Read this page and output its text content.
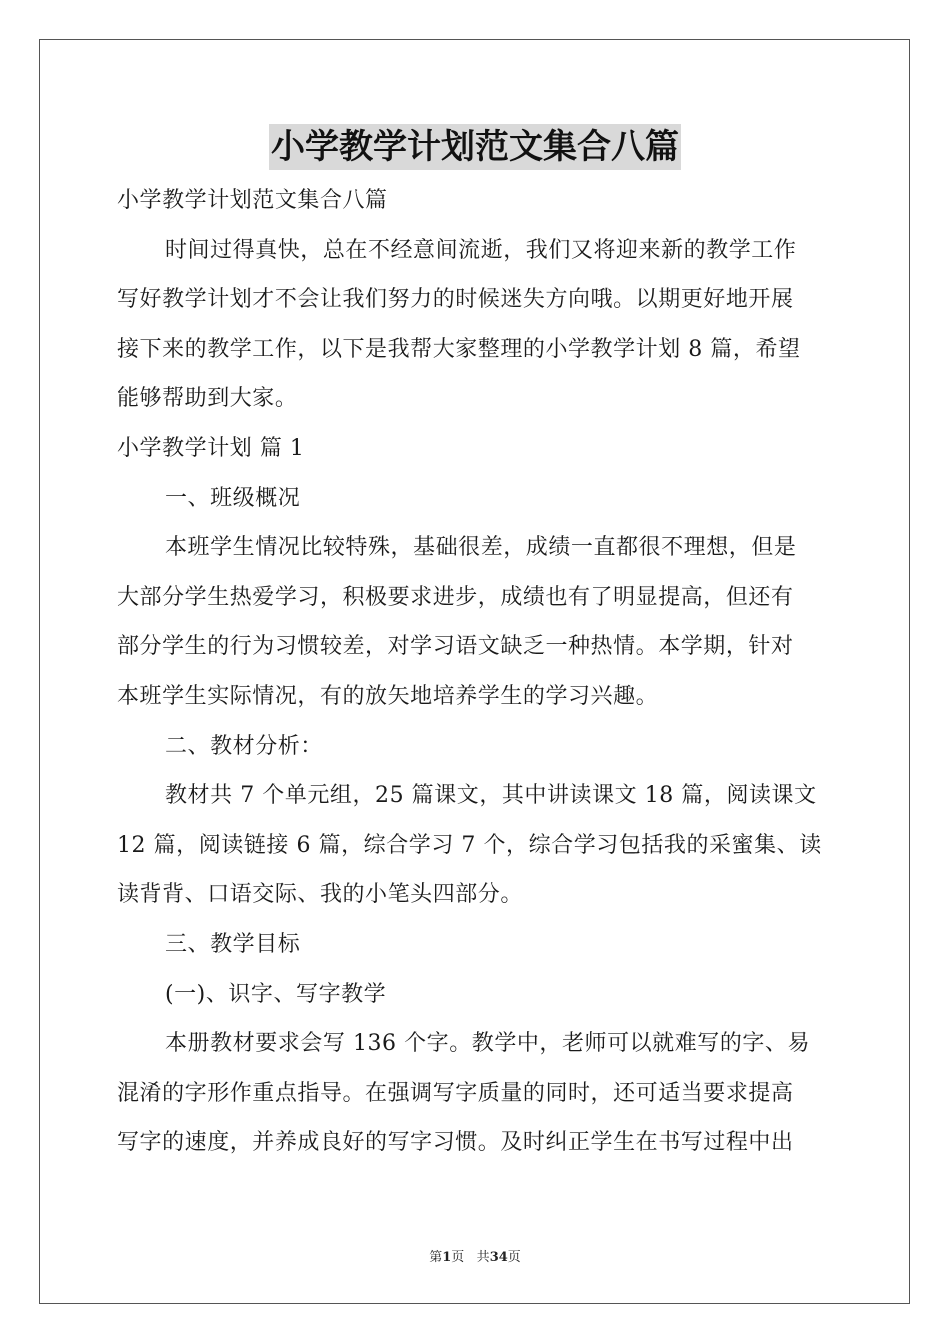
小学教学计划范文集合八篇
小学教学计划范文集合八篇
时间过得真快，总在不经意间流逝，我们又将迎来新的教学工作
写好教学计划才不会让我们努力的时候迷失方向哦。以期更好地开展
接下来的教学工作，以下是我帮大家整理的小学教学计划 8 篇，希望
能够帮助到大家。
小学教学计划 篇 1
一、班级概况
本班学生情况比较特殊，基础很差，成绩一直都很不理想，但是
大部分学生热爱学习，积极要求进步，成绩也有了明显提高，但还有
部分学生的行为习惯较差，对学习语文缺乏一种热情。本学期，针对
本班学生实际情况，有的放矢地培养学生的学习兴趣。
二、教材分析：
教材共 7 个单元组，25 篇课文，其中讲读课文 18 篇，阅读课文
12 篇，阅读链接 6 篇，综合学习 7 个，综合学习包括我的采蜜集、读
读背背、口语交际、我的小笔头四部分。
三、教学目标
(一)、识字、写字教学
本册教材要求会写 136 个字。教学中，老师可以就难写的字、易
混淆的字形作重点指导。在强调写字质量的同时，还可适当要求提高
写字的速度，并养成良好的写字习惯。及时纠正学生在书写过程中出
第1页 共34页
